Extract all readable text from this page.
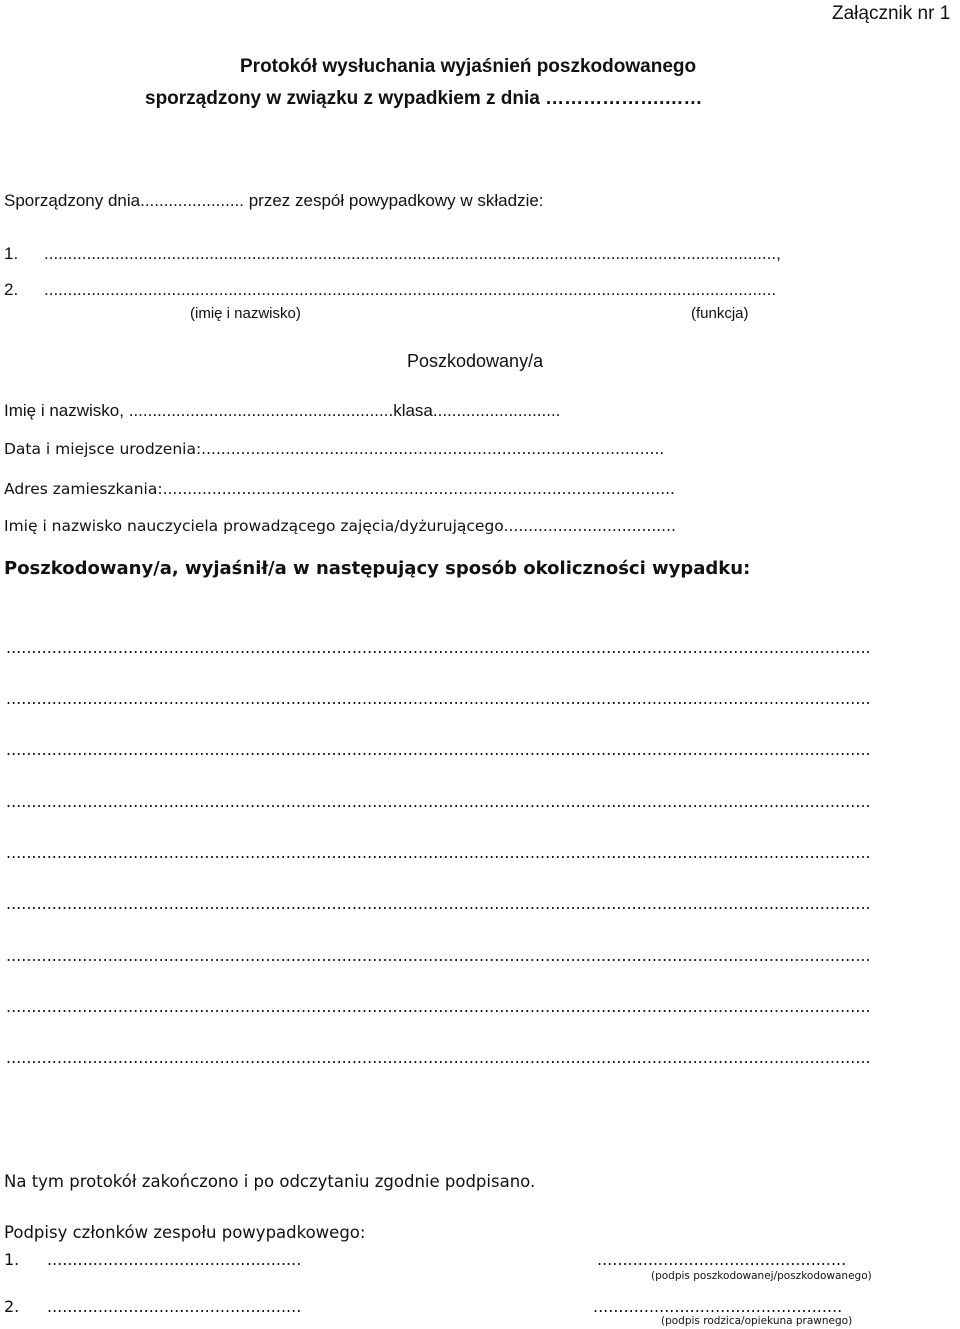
Załącznik nr 1
Protokół wysłuchania wyjaśnień poszkodowanego
sporządzony w związku z wypadkiem z dnia ……………….……
Sporządzony dnia...................... przez zespół powypadkowy w składzie:
1. ...........................................................................................................................................................,
2. ...........................................................................................................................................................
(imię i nazwisko)	(funkcja)
Poszkodowany/a
Imię i nazwisko, ........................................................klasa...........................
Data i miejsce urodzenia:..............................................................................................
Adres zamieszkania:........................................................................................................
Imię i nazwisko nauczyciela prowadzącego zajęcia/dyżurującego...................................
Poszkodowany/a, wyjaśnił/a w następujący sposób okoliczności wypadku:
..........................................................................................................................................................................
..........................................................................................................................................................................
..........................................................................................................................................................................
..........................................................................................................................................................................
..........................................................................................................................................................................
..........................................................................................................................................................................
..........................................................................................................................................................................
..........................................................................................................................................................................
..........................................................................................................................................................................
Na tym protokół zakończono i po odczytaniu zgodnie podpisano.
Podpisy członków zespołu powypadkowego:
1. ..................................................	.................................................
(podpis poszkodowanej/poszkodowanego)
2. ..................................................	.................................................
(podpis rodzica/opiekuna prawnego)
